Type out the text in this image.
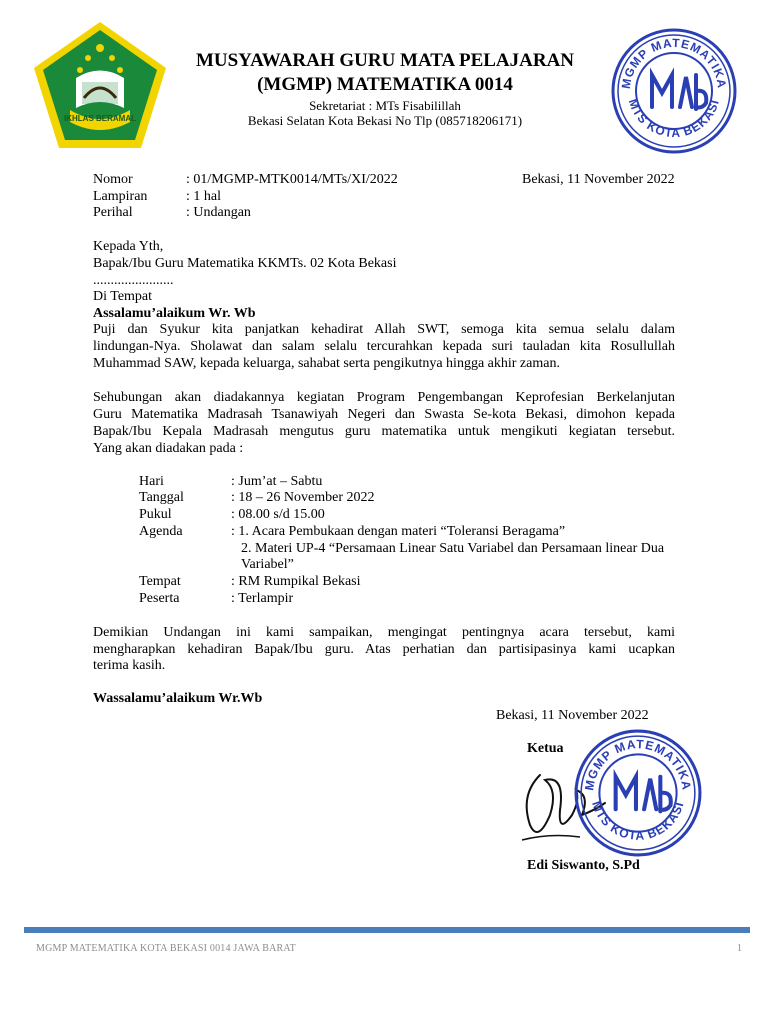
IKHLAS BERAMAL
MUSYAWARAH GURU MATA PELAJARAN
(MGMP) MATEMATIKA 0014
Sekretariat : MTs Fisabilillah
Bekasi Selatan Kota Bekasi No Tlp (085718206171)
MGMP MATEMATIKA
MTS KOTA BEKASI
Nomor	: 01/MGMP-MTK0014/MTs/XI/2022	Bekasi, 11 November 2022
Lampiran	: 1 hal
Perihal	: Undangan
Kepada Yth,
Bapak/Ibu Guru Matematika KKMTs. 02 Kota Bekasi
.......................
Di Tempat
Assalamu’alaikum Wr. Wb
Puji dan Syukur kita panjatkan kehadirat Allah SWT, semoga kita semua selalu dalam
lindungan-Nya. Sholawat dan salam selalu tercurahkan kepada suri tauladan kita Rosullullah
Muhammad SAW, kepada keluarga, sahabat serta pengikutnya hingga akhir zaman.
Sehubungan akan diadakannya kegiatan Program Pengembangan Keprofesian Berkelanjutan
Guru Matematika Madrasah Tsanawiyah Negeri dan Swasta Se-kota Bekasi, dimohon kepada
Bapak/Ibu Kepala Madrasah mengutus guru matematika untuk mengikuti kegiatan tersebut.
Yang akan diadakan pada :
Hari	: Jum’at – Sabtu
Tanggal	: 18 – 26 November 2022
Pukul	: 08.00 s/d 15.00
Agenda	: 1. Acara Pembukaan dengan materi “Toleransi Beragama”
2. Materi UP-4 “Persamaan Linear Satu Variabel dan Persamaan linear Dua
Variabel”
Tempat	: RM Rumpikal Bekasi
Peserta	: Terlampir
Demikian Undangan ini kami sampaikan, mengingat pentingnya acara tersebut, kami
mengharapkan kehadiran Bapak/Ibu guru. Atas perhatian dan partisipasinya kami ucapkan
terima kasih.
Wassalamu’alaikum Wr.Wb
Bekasi, 11 November 2022
Ketua
MGMP MATEMATIKA
MTS KOTA BEKASI
Edi Siswanto, S.Pd
MGMP MATEMATIKA KOTA BEKASI 0014 JAWA BARAT	1
